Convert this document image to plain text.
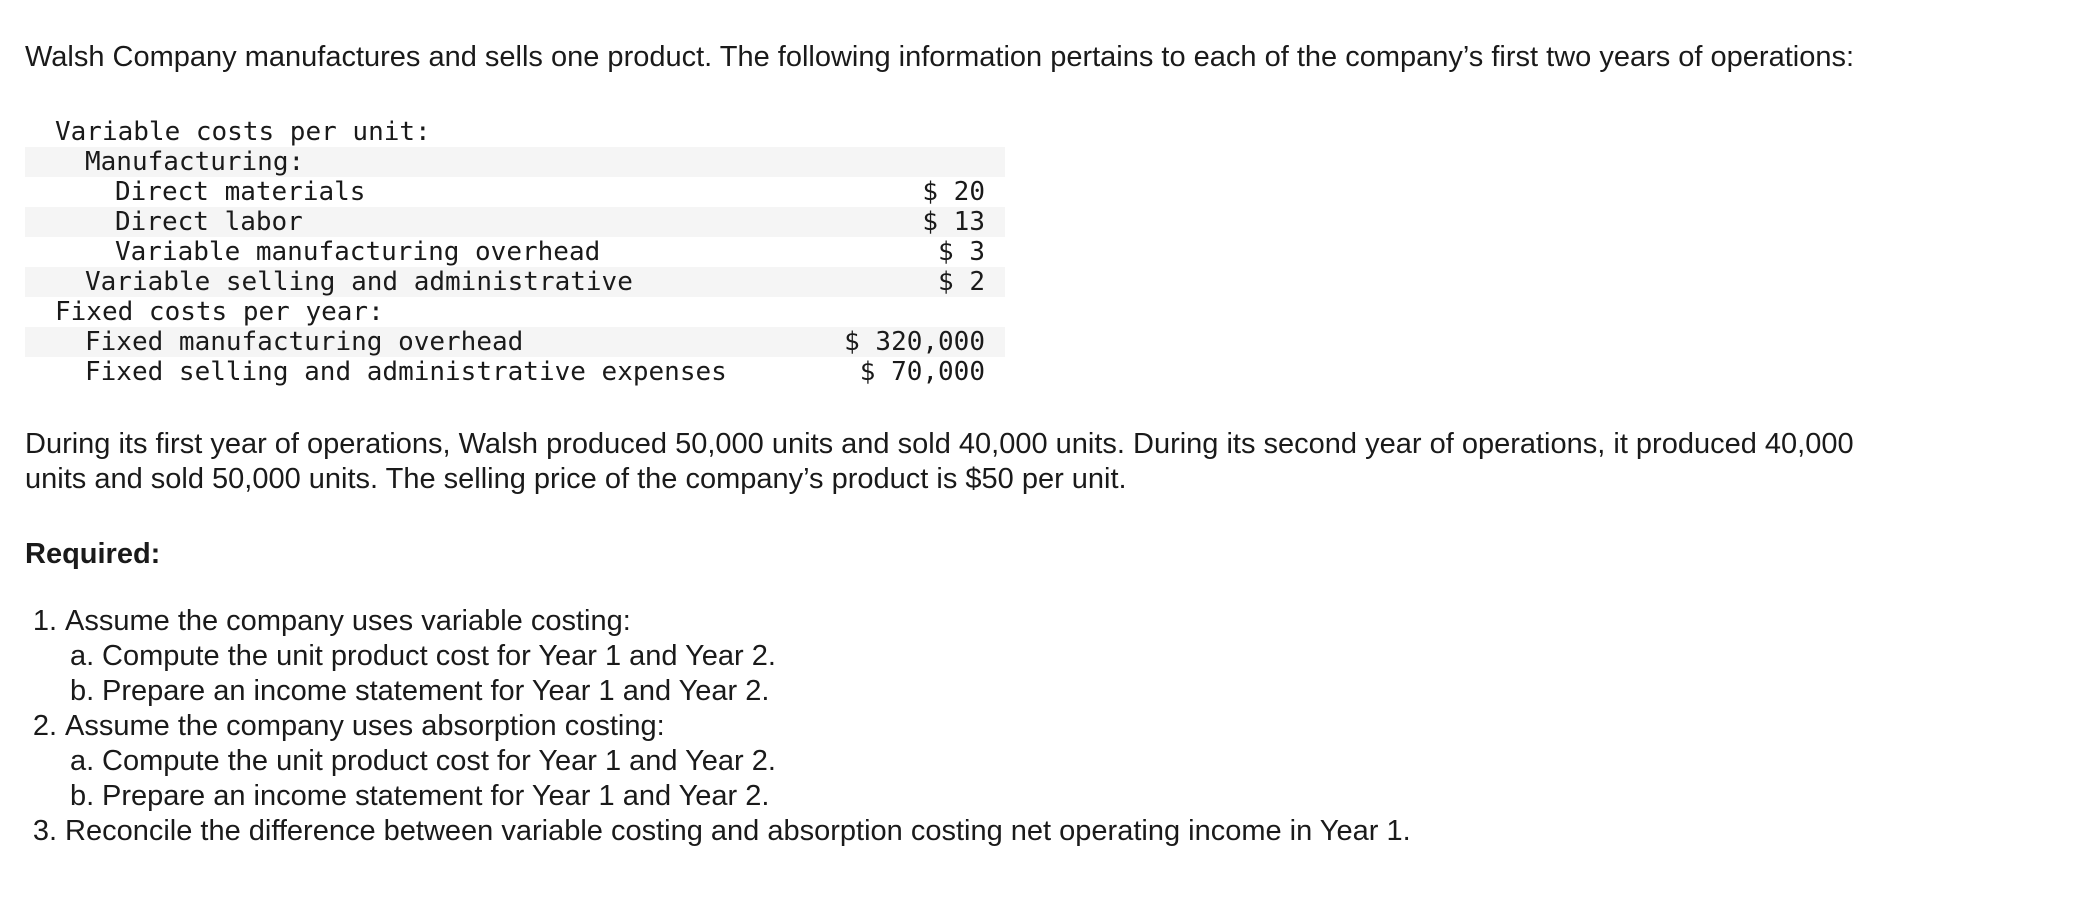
Walsh Company manufactures and sells one product. The following information pertains to each of the company’s first two years of operations:

Variable costs per unit:
Manufacturing:
Direct materials	$ 20
Direct labor	$ 13
Variable manufacturing overhead	$ 3
Variable selling and administrative	$ 2
Fixed costs per year:
Fixed manufacturing overhead	$ 320,000
Fixed selling and administrative expenses	$ 70,000

During its first year of operations, Walsh produced 50,000 units and sold 40,000 units. During its second year of operations, it produced 40,000 units and sold 50,000 units. The selling price of the company’s product is $50 per unit.

Required:
1. Assume the company uses variable costing:
a. Compute the unit product cost for Year 1 and Year 2.
b. Prepare an income statement for Year 1 and Year 2.
2. Assume the company uses absorption costing:
a. Compute the unit product cost for Year 1 and Year 2.
b. Prepare an income statement for Year 1 and Year 2.
3. Reconcile the difference between variable costing and absorption costing net operating income in Year 1.
